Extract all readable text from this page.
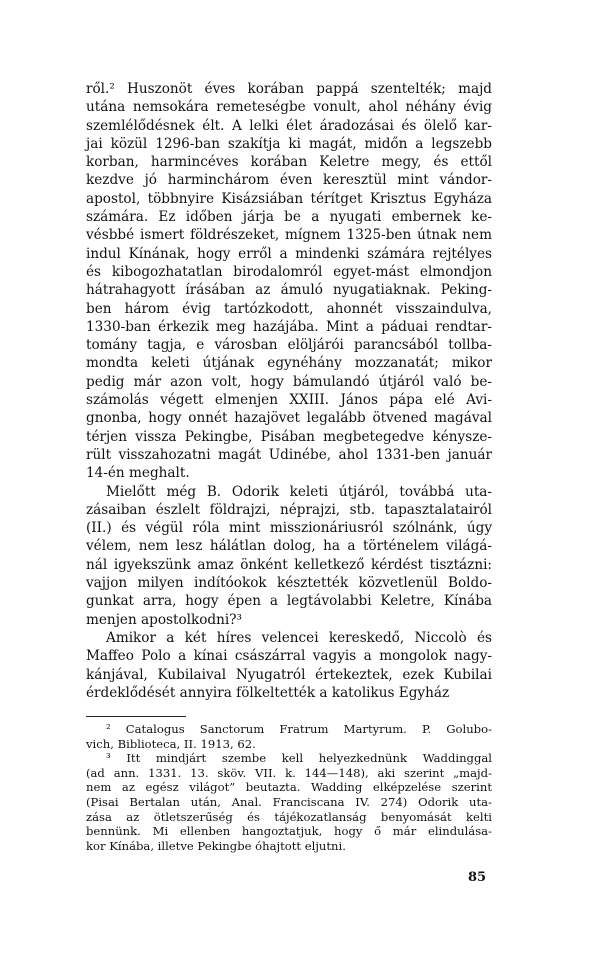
ről.² Huszonöt éves korában pappá szentelték; majd
utána nemsokára remeteségbe vonult, ahol néhány évig
szemlélődésnek élt. A lelki élet áradozásai és ölelő kar-
jai közül 1296-ban szakítja ki magát, midőn a legszebb
korban, harmincéves korában Keletre megy, és ettől
kezdve jó harminchárom éven keresztül mint vándor-
apostol, többnyire Kisázsiában térítget Krisztus Egyháza
számára. Ez időben járja be a nyugati embernek ke-
vésbbé ismert földrészeket, mígnem 1325-ben útnak nem
indul Kínának, hogy erről a mindenki számára rejtélyes
és kibogozhatatlan birodalomról egyet-mást elmondjon
hátrahagyott írásában az ámuló nyugatiaknak. Peking-
ben három évig tartózkodott, ahonnét visszaindulva,
1330-ban érkezik meg hazájába. Mint a páduai rendtar-
tomány tagja, e városban elöljárói parancsából tollba-
mondta keleti útjának egynéhány mozzanatát; mikor
pedig már azon volt, hogy bámulandó útjáról való be-
számolás végett elmenjen XXIII. János pápa elé Avi-
gnonba, hogy onnét hazajövet legalább ötvened magával
térjen vissza Pekingbe, Pisában megbetegedve kénysze-
rült visszahozatni magát Udinébe, ahol 1331-ben január
14-én meghalt.
Mielőtt még B. Odorik keleti útjáról, továbbá uta-
zásaiban észlelt földrajzi, néprajzi, stb. tapasztalatairól
(II.) és végül róla mint misszionáriusról szólnánk, úgy
vélem, nem lesz hálátlan dolog, ha a történelem világá-
nál igyekszünk amaz önként kelletkező kérdést tisztázni:
vajjon milyen indítóokok késztették közvetlenül Boldo-
gunkat arra, hogy épen a legtávolabbi Keletre, Kínába
menjen apostolkodni?³
Amikor a két híres velencei kereskedő, Niccolò és
Maffeo Polo a kínai császárral vagyis a mongolok nagy-
kánjával, Kubilaival Nyugatról értekeztek, ezek Kubilai
érdeklődését annyira fölkeltették a katolikus Egyház
² Catalogus Sanctorum Fratrum Martyrum. P. Golubo-
vich, Biblioteca, II. 1913, 62.
³ Itt mindjárt szembe kell helyezkednünk Waddinggal
(ad ann. 1331. 13. sköv. VII. k. 144—148), aki szerint „majd-
nem az egész világot” beutazta. Wadding elképzelése szerint
(Pisai Bertalan után, Anal. Franciscana IV. 274) Odorik uta-
zása az ötletszerűség és tájékozatlanság benyomását kelti
bennünk. Mi ellenben hangoztatjuk, hogy ő már elindulása-
kor Kínába, illetve Pekingbe óhajtott eljutni.
85
